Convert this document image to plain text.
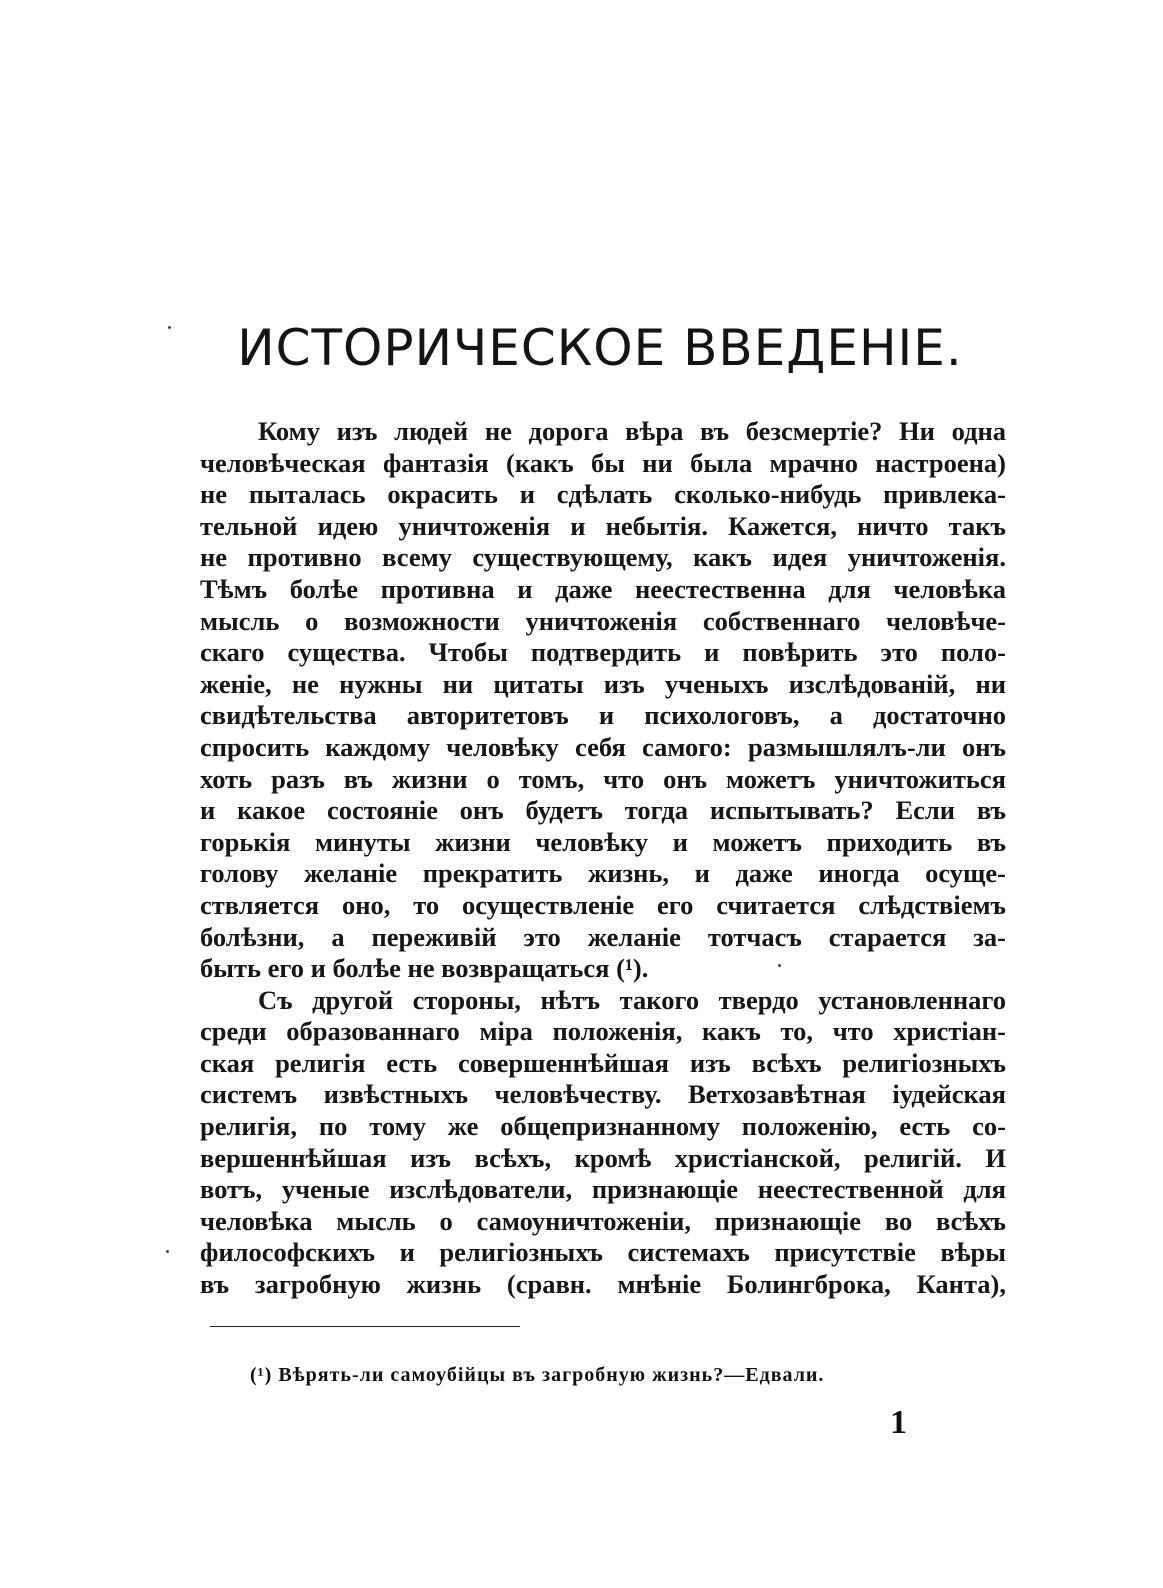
ИСТОРИЧЕСКОЕ ВВЕДЕНIЕ.
Кому изъ людей не дорога вѣра въ безсмертiе? Ни одна
человѣческая фантазiя (какъ бы ни была мрачно настроена)
не пыталась окрасить и сдѣлать сколько-нибудь привлека-
тельной идею уничтоженiя и небытiя. Кажется, ничто такъ
не противно всему существующему, какъ идея уничтоженiя.
Тѣмъ болѣе противна и даже неестественна для человѣка
мысль о возможности уничтоженiя собственнаго человѣче-
скаго существа. Чтобы подтвердить и повѣрить это поло-
женiе, не нужны ни цитаты изъ ученыхъ изслѣдованiй, ни
свидѣтельства авторитетовъ и психологовъ, а достаточно
спросить каждому человѣку себя самого: размышлялъ-ли онъ
хоть разъ въ жизни о томъ, что онъ можетъ уничтожиться
и какое состоянiе онъ будетъ тогда испытывать? Если въ
горькiя минуты жизни человѣку и можетъ приходить въ
голову желанiе прекратить жизнь, и даже иногда осуще-
ствляется оно, то осуществленiе его считается слѣдствiемъ
болѣзни, а переживiй это желанiе тотчасъ старается за-
быть его и болѣе не возвращаться (¹).
Съ другой стороны, нѣтъ такого твердо установленнаго
среди образованнаго мiра положенiя, какъ то, что христiан-
ская религiя есть совершеннѣйшая изъ всѣхъ религiозныхъ
системъ извѣстныхъ человѣчеству. Ветхозавѣтная iудейская
религiя, по тому же общепризнанному положенiю, есть со-
вершеннѣйшая изъ всѣхъ, кромѣ христiанской, религiй. И
вотъ, ученые изслѣдователи, признающiе неестественной для
человѣка мысль о самоуничтоженiи, признающiе во всѣхъ
философскихъ и религiозныхъ системахъ присутствiе вѣры
въ загробную жизнь (сравн. мнѣнiе Болингброка, Канта),
(¹) Вѣрять-ли самоубiйцы въ загробную жизнь?—Едвали.
1
